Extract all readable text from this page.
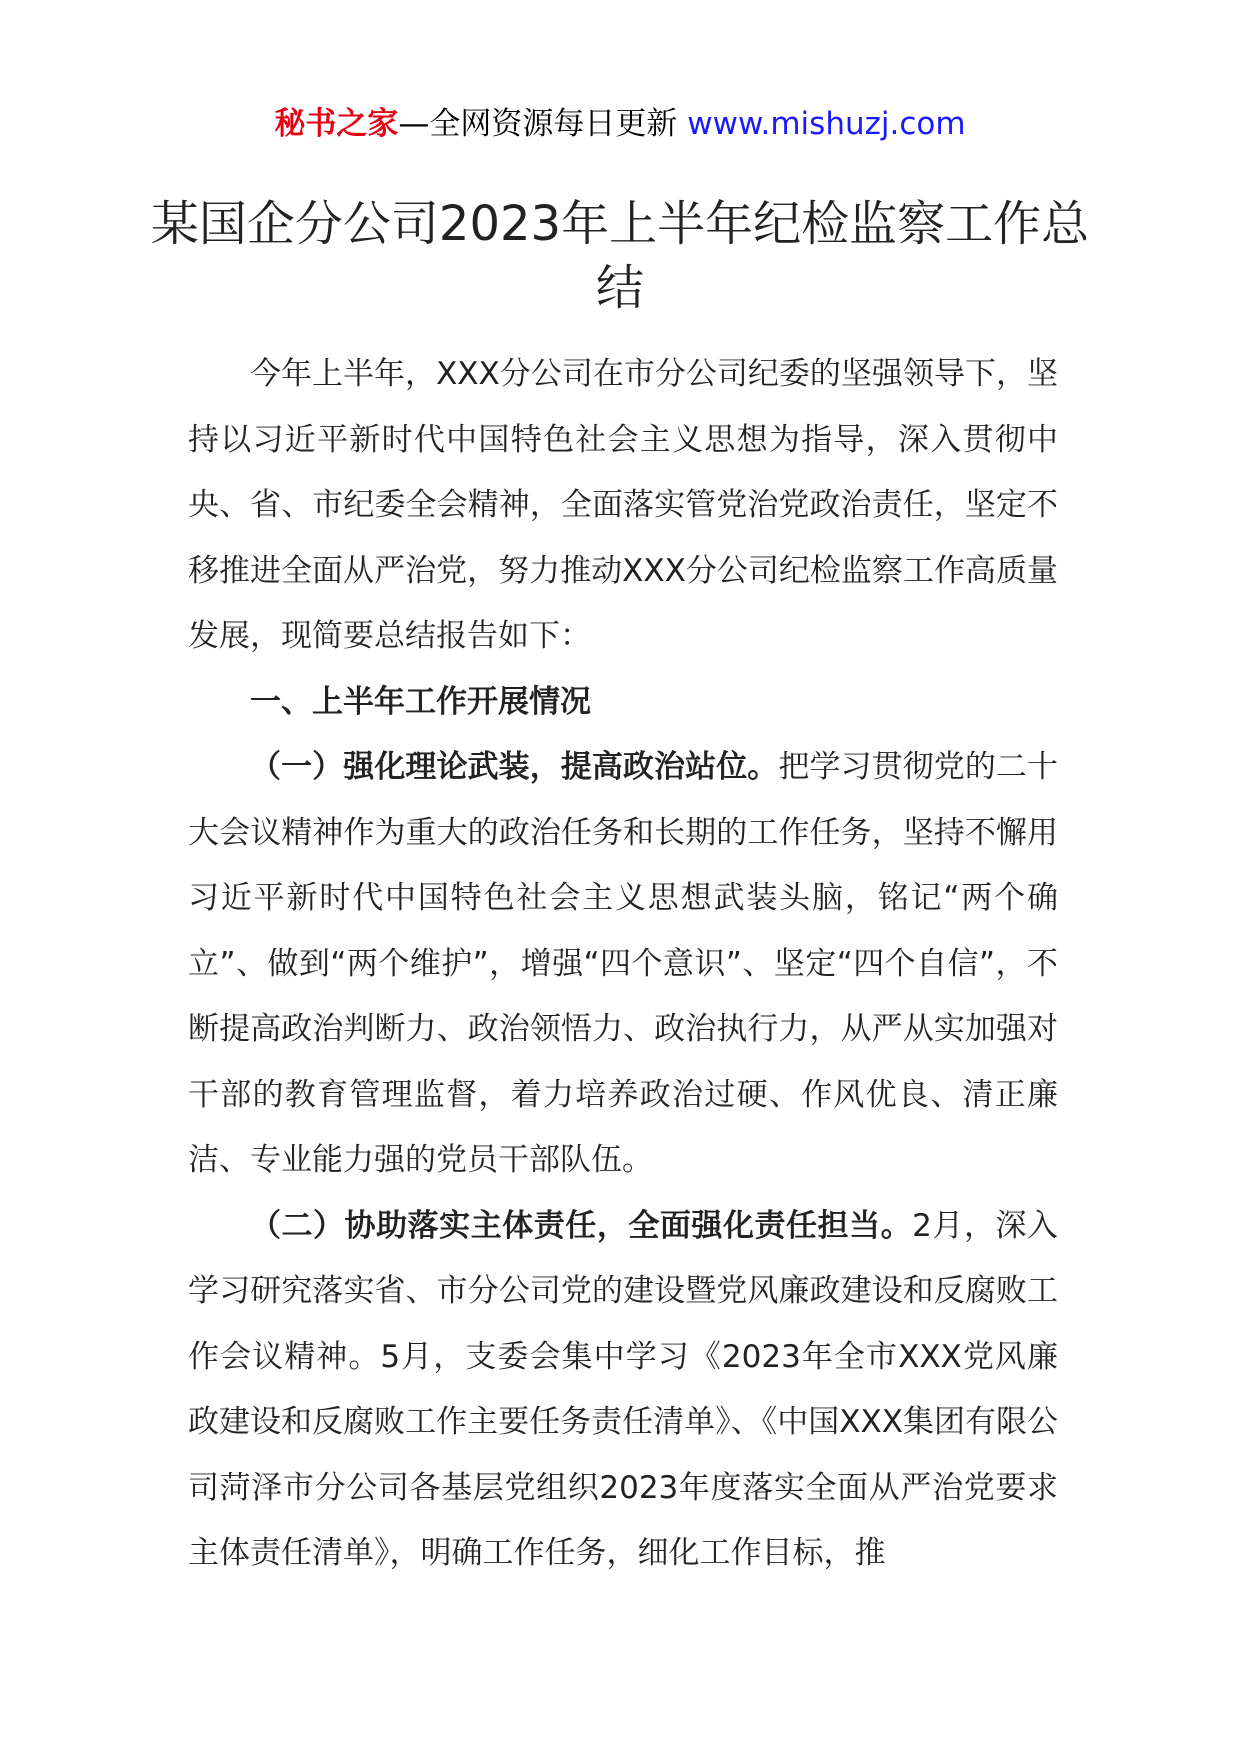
秘书之家—全网资源每日更新 www.mishuzj.com
某国企分公司2023年上半年纪检监察工作总结

今年上半年，XXX分公司在市分公司纪委的坚强领导下，坚持以习近平新时代中国特色社会主义思想为指导，深入贯彻中央、省、市纪委全会精神，全面落实管党治党政治责任，坚定不移推进全面从严治党，努力推动XXX分公司纪检监察工作高质量发展，现简要总结报告如下：

一、上半年工作开展情况

（一）强化理论武装，提高政治站位。把学习贯彻党的二十大会议精神作为重大的政治任务和长期的工作任务，坚持不懈用习近平新时代中国特色社会主义思想武装头脑，铭记“两个确立”、做到“两个维护”，增强“四个意识”、坚定“四个自信”，不断提高政治判断力、政治领悟力、政治执行力，从严从实加强对干部的教育管理监督，着力培养政治过硬、作风优良、清正廉洁、专业能力强的党员干部队伍。

（二）协助落实主体责任，全面强化责任担当。2月，深入学习研究落实省、市分公司党的建设暨党风廉政建设和反腐败工作会议精神。5月，支委会集中学习《2023年全市XXX党风廉政建设和反腐败工作主要任务责任清单》、《中国XXX集团有限公司菏泽市分公司各基层党组织2023年度落实全面从严治党要求主体责任清单》，明确工作任务，细化工作目标，推
